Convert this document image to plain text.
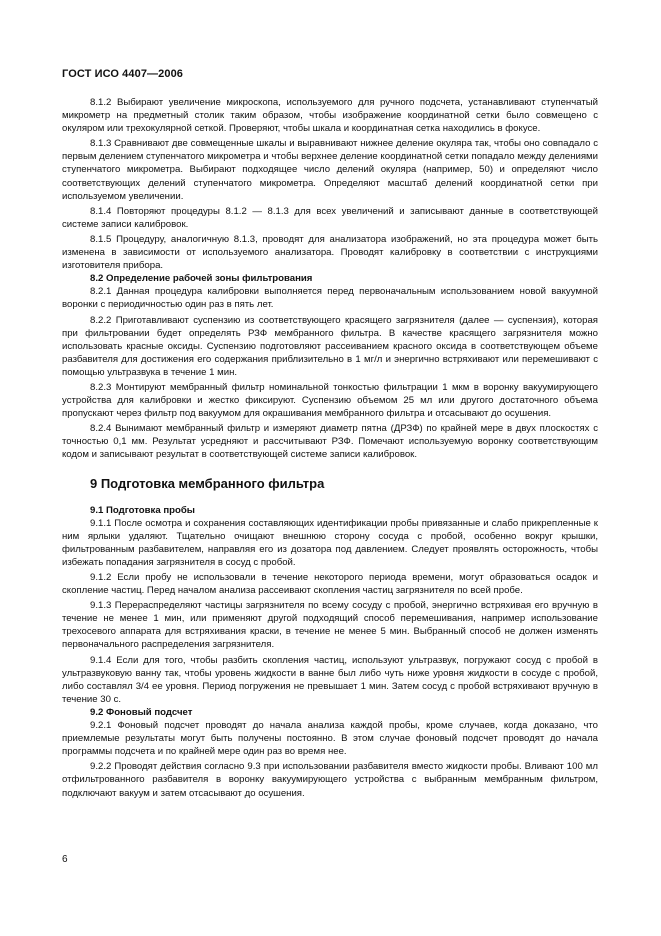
ГОСТ ИСО 4407—2006

8.1.2 Выбирают увеличение микроскопа, используемого для ручного подсчета, устанавливают ступенчатый микрометр на предметный столик таким образом, чтобы изображение координатной сетки было совмещено с окуляром или трехокулярной сеткой. Проверяют, чтобы шкала и координатная сетка находились в фокусе.

8.1.3 Сравнивают две совмещенные шкалы и выравнивают нижнее деление окуляра так, чтобы оно совпадало с первым делением ступенчатого микрометра и чтобы верхнее деление координатной сетки попадало между делениями ступенчатого микрометра. Выбирают подходящее число делений окуляра (например, 50) и определяют число соответствующих делений ступенчатого микрометра. Определяют масштаб делений координатной сетки при используемом увеличении.

8.1.4 Повторяют процедуры 8.1.2 — 8.1.3 для всех увеличений и записывают данные в соответствующей системе записи калибровок.

8.1.5 Процедуру, аналогичную 8.1.3, проводят для анализатора изображений, но эта процедура может быть изменена в зависимости от используемого анализатора. Проводят калибровку в соответствии с инструкциями изготовителя прибора.

8.2 Определение рабочей зоны фильтрования

8.2.1 Данная процедура калибровки выполняется перед первоначальным использованием новой вакуумной воронки с периодичностью один раз в пять лет.

8.2.2 Приготавливают суспензию из соответствующего красящего загрязнителя (далее — суспензия), которая при фильтровании будет определять РЗФ мембранного фильтра. В качестве красящего загрязнителя можно использовать красные оксиды. Суспензию подготовляют рассеиванием красного оксида в соответствующем объеме разбавителя для достижения его содержания приблизительно в 1 мг/л и энергично встряхивают или перемешивают с помощью ультразвука в течение 1 мин.

8.2.3 Монтируют мембранный фильтр номинальной тонкостью фильтрации 1 мкм в воронку вакуумирующего устройства для калибровки и жестко фиксируют. Суспензию объемом 25 мл или другого достаточного объема пропускают через фильтр под вакуумом для окрашивания мембранного фильтра и отсасывают до осушения.

8.2.4 Вынимают мембранный фильтр и измеряют диаметр пятна (ДРЗФ) по крайней мере в двух плоскостях с точностью 0,1 мм. Результат усредняют и рассчитывают РЗФ. Помечают используемую воронку соответствующим кодом и записывают результат в соответствующей системе записи калибровок.

9 Подготовка мембранного фильтра
9.1 Подготовка пробы

9.1.1 После осмотра и сохранения составляющих идентификации пробы привязанные и слабо прикрепленные к ним ярлыки удаляют. Тщательно очищают внешнюю сторону сосуда с пробой, особенно вокруг крышки, фильтрованным разбавителем, направляя его из дозатора под давлением. Следует проявлять осторожность, чтобы избежать попадания загрязнителя в сосуд с пробой.

9.1.2 Если пробу не использовали в течение некоторого периода времени, могут образоваться осадок и скопление частиц. Перед началом анализа рассеивают скопления частиц загрязнителя по всей пробе.

9.1.3 Перераспределяют частицы загрязнителя по всему сосуду с пробой, энергично встряхивая его вручную в течение не менее 1 мин, или применяют другой подходящий способ перемешивания, например использование трехосевого аппарата для встряхивания краски, в течение не менее 5 мин. Выбранный способ не должен изменять первоначального распределения загрязнителя.

9.1.4 Если для того, чтобы разбить скопления частиц, используют ультразвук, погружают сосуд с пробой в ультразвуковую ванну так, чтобы уровень жидкости в ванне был либо чуть ниже уровня жидкости в сосуде с пробой, либо составлял 3/4 ее уровня. Период погружения не превышает 1 мин. Затем сосуд с пробой встряхивают вручную в течение 30 с.

9.2 Фоновый подсчет

9.2.1 Фоновый подсчет проводят до начала анализа каждой пробы, кроме случаев, когда доказано, что приемлемые результаты могут быть получены постоянно. В этом случае фоновый подсчет проводят до начала программы подсчета и по крайней мере один раз во время нее.

9.2.2 Проводят действия согласно 9.3 при использовании разбавителя вместо жидкости пробы. Вливают 100 мл отфильтрованного разбавителя в воронку вакуумирующего устройства с выбранным мембранным фильтром, подключают вакуум и затем отсасывают до осушения.

6
